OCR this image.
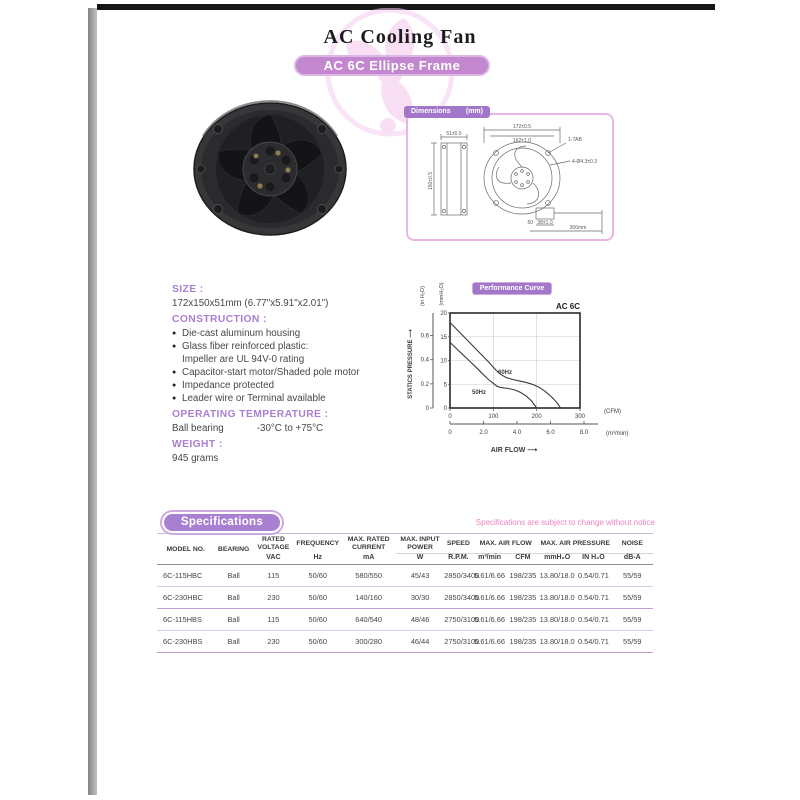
AC Cooling Fan
AC 6C Ellipse Frame
Dimensions (mm)
51±0.5
150±0.5
172±0.5
162±1.0	1-TAB
4-Ø4.3±0.3
38±1.0
50
300mm
SIZE :
172x150x51mm (6.77"x5.91"x2.01")
CONSTRUCTION :
● Die-cast aluminum housing
● Glass fiber reinforced plastic:
Impeller are UL 94V-0 rating
● Capacitor-start motor/Shaded pole motor
● Impedance protected
● Leader wire or Terminal available
OPERATING TEMPERATURE :
Ball bearing	-30°C to +75°C
WEIGHT :
945 grams
Performance Curve
0
5
10
15
20
0
0.2
0.4
0.6
0	100	200	300
0	2.0	4.0	6.0	8.0
60Hz
50Hz
AC 6C
(in H₂O) (mmH₂O)
STATICS PRESSURE ⟶
(CFM)
(m³/min)
AIR FLOW ⟶
Specifications	Specifications are subject to change without notice
MODEL NO.	BEARING	RATED VOLTAGE	FREQUENCY	MAX. RATED CURRENT	MAX. INPUT POWER	SPEED	MAX. AIR FLOW		MAX. AIR PRESSURE		NOISE
		VAC	Hz	mA	W	R.P.M.	m³/min	CFM	mmH₂O	IN H₂O	dB-A
6C-115HBC	Ball	115	50/60	580/550	45/43	2850/3400	5.61/6.66	198/235	13.80/18.0	0.54/0.71	55/59
6C-230HBC	Ball	230	50/60	140/160	30/30	2850/3400	5.61/6.66	198/235	13.80/18.0	0.54/0.71	55/59
6C-115HBS	Ball	115	50/60	640/540	48/46	2750/3100	5.61/6.66	198/235	13.80/18.0	0.54/0.71	55/59
6C-230HBS	Ball	230	50/60	300/280	46/44	2750/3100	5.61/6.66	198/235	13.80/18.0	0.54/0.71	55/59
